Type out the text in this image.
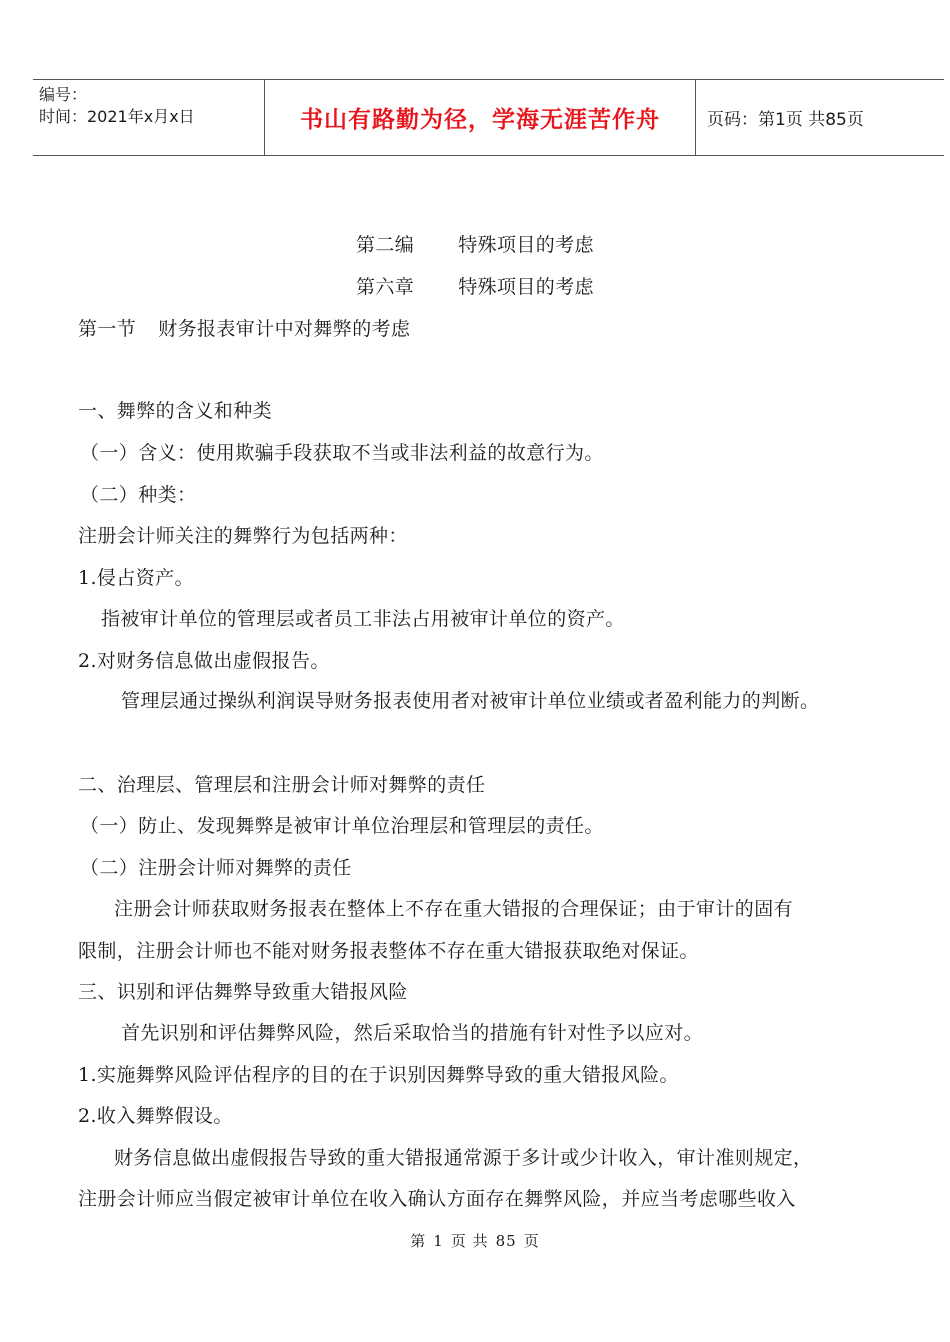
编号：
时间：2021年x月x日	书山有路勤为径，学海无涯苦作舟	页码：第1页 共85页
第二编 特殊项目的考虑
第六章 特殊项目的考虑
第一节 财务报表审计中对舞弊的考虑
一、舞弊的含义和种类
（一）含义：使用欺骗手段获取不当或非法利益的故意行为。
（二）种类：
注册会计师关注的舞弊行为包括两种：
1.侵占资产。
指被审计单位的管理层或者员工非法占用被审计单位的资产。
2.对财务信息做出虚假报告。
管理层通过操纵利润误导财务报表使用者对被审计单位业绩或者盈利能力的判断。
二、治理层、管理层和注册会计师对舞弊的责任
（一）防止、发现舞弊是被审计单位治理层和管理层的责任。
（二）注册会计师对舞弊的责任
注册会计师获取财务报表在整体上不存在重大错报的合理保证；由于审计的固有
限制，注册会计师也不能对财务报表整体不存在重大错报获取绝对保证。
三、识别和评估舞弊导致重大错报风险
首先识别和评估舞弊风险，然后采取恰当的措施有针对性予以应对。
1.实施舞弊风险评估程序的目的在于识别因舞弊导致的重大错报风险。
2.收入舞弊假设。
财务信息做出虚假报告导致的重大错报通常源于多计或少计收入，审计准则规定，
注册会计师应当假定被审计单位在收入确认方面存在舞弊风险，并应当考虑哪些收入
第 1 页 共 85 页
